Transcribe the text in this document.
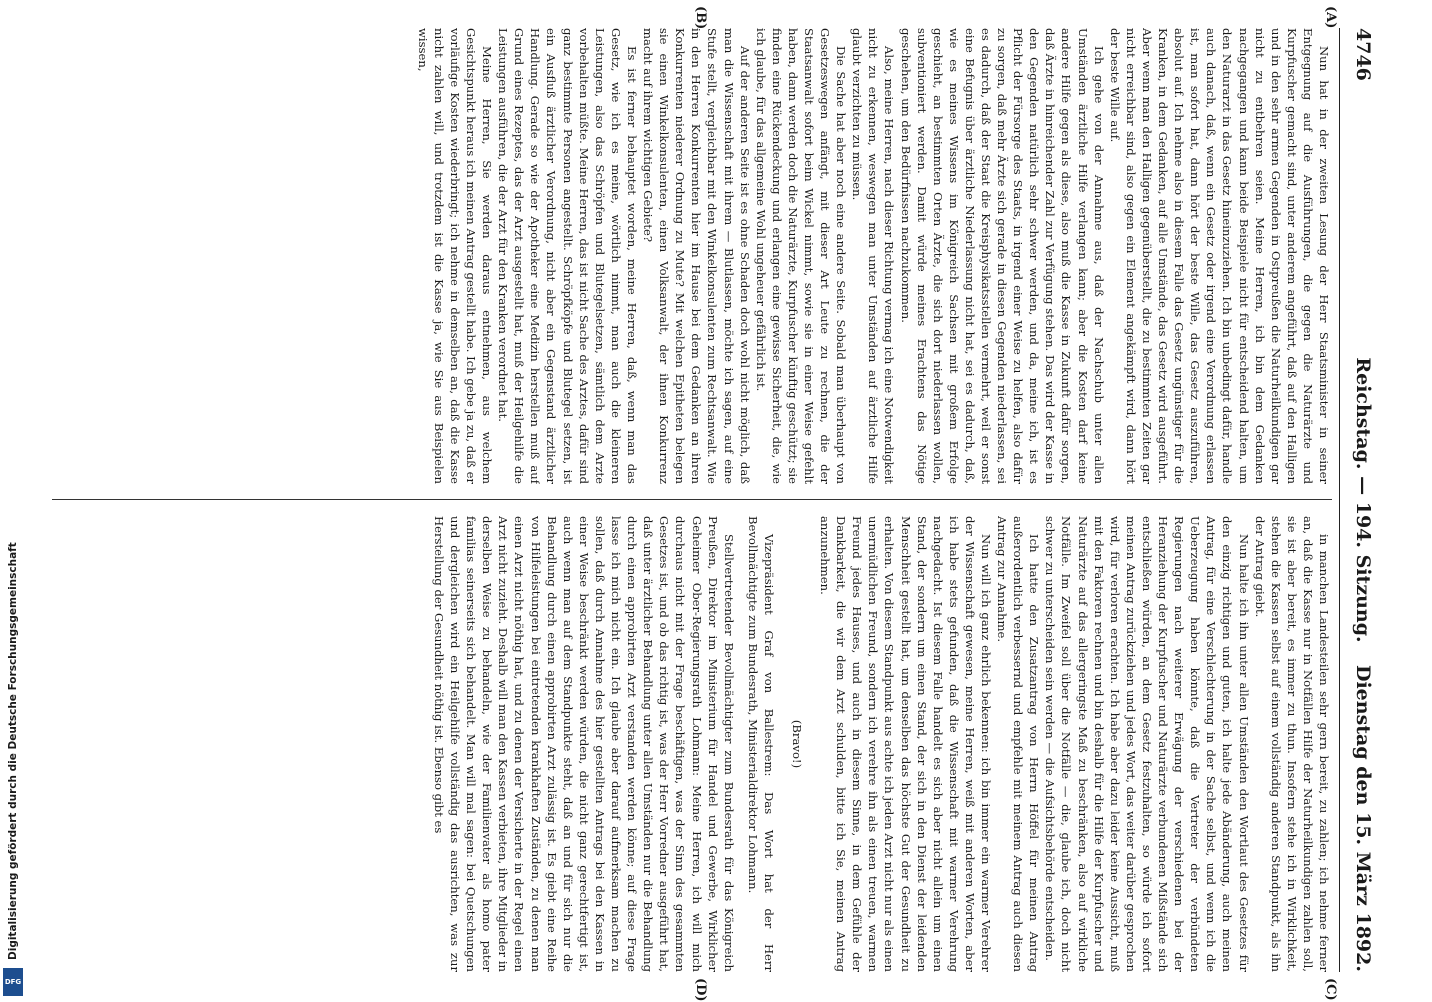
Digitalisierung gefördert durch die Deutsche Forschungsgemeinschaft
DFG
4746
Reichstag. — 194. Sitzung.
Dienstag den 15. März 1892.
(A)
(B)
(C)
(D)

Nun hat in der zweiten Lesung der Herr Staatsminister in seiner Entgegnung auf die Ausführungen, die gegen die Naturärzte und Kurpfuscher gemacht sind, unter anderem angeführt, daß auf den Halligen und in den sehr armen Gegenden in Ostpreußen die Naturheilkundigen gar nicht zu entbehren seien. Meine Herren, ich bin dem Gedanken nachgegangen und kann beide Beispiele nicht für entscheidend halten, um den Naturarzt in das Gesetz hineinzuziehen. Ich bin unbedingt dafür, handle auch danach, daß, wenn ein Gesetz oder irgend eine Verordnung erlassen ist, man sofort hat, dann hört der beste Wille, das Gesetz auszuführen, absolut auf. Ich nehme also in diesem Falle das Gesetz ungünstiger für die Kranken, in dem Gedanken, auf alle Umstände, das Gesetz wird ausgeführt. Aber wenn man den Halligen gegenüberstellt, die zu bestimmten Zeiten gar nicht erreichbar sind, also gegen ein Element angekämpft wird, dann hört der beste Wille auf.

Ich gehe von der Annahme aus, daß der Nachschub unter allen Umständen ärztliche Hilfe verlangen kann; aber die Kosten darf keine andere Hilfe gegen als diese, also muß die Kasse in Zukunft dafür sorgen, daß Ärzte in hinreichender Zahl zur Verfügung stehen. Das wird der Kasse in den Gegenden natürlich sehr schwer werden, und da, meine ich, ist es Pflicht der Fürsorge des Staats, in irgend einer Weise zu helfen, also dafür zu sorgen, daß mehr Ärzte sich gerade in diesen Gegenden niederlassen, sei es dadurch, daß der Staat die Kreisphysikatsstellen vermehrt, weil er sonst eine Befugnis über ärztliche Niederlassung nicht hat, sei es dadurch, daß, wie es meines Wissens im Königreich Sachsen mit großem Erfolge geschieht, an bestimmten Orten Ärzte, die sich dort niederlassen wollen, subventioniert werden. Damit würde meines Erachtens das Nötige geschehen, um den Bedürfnissen nachzukommen.

Also, meine Herren, nach dieser Richtung vermag ich eine Notwendigkeit nicht zu erkennen, weswegen man unter Umständen auf ärztliche Hilfe glaubt verzichten zu müssen.

Die Sache hat aber noch eine andere Seite. Sobald man überhaupt von Gesetzeswegen anfängt, mit dieser Art Leute zu rechnen, die der Staatsanwalt sofort beim Wickel nimmt, sowie sie in einer Weise gefehlt haben, dann werden doch die Naturärzte, Kurpfuscher künftig geschützt; sie finden eine Rückendeckung und erlangen eine gewisse Sicherheit, die, wie ich glaube, für das allgemeine Wohl ungeheuer gefährlich ist.

Auf der anderen Seite ist es ohne Schaden doch wohl nicht möglich, daß man die Wissenschaft mit ihrem — Blutlassen, möchte ich sagen, auf eine Stufe stellt, vergleichbar mit den Winkelkonsulenten zum Rechtsanwalt. Wie in den Herren Konkurrenten hier im Hause bei dem Gedanken an ihren Konkurrenten niederer Ordnung zu Mute? Mit welchen Epitheten belegen sie einen Winkelkonsulenten, einen Volksanwalt, der ihnen Konkurrenz macht auf ihrem wichtigen Gebiete?

Es ist ferner behauptet worden, meine Herren, daß, wenn man das Gesetz, wie ich es meine, wörtlich nimmt, man auch die kleineren Leistungen, also das Schröpfen und Blutegelsetzen, sämtlich dem Arzte vorbehalten müßte. Meine Herren, das ist nicht Sache des Arztes, dafür sind ganz bestimmte Personen angestellt. Schröpfköpfe und Blutegel setzen, ist ein Ausfluß ärztlicher Verordnung, nicht aber ein Gegenstand ärztlicher Handlung. Gerade so wie der Apotheker eine Medizin herstellen muß auf Grund eines Rezeptes, das der Arzt ausgestellt hat, muß der Heilgehilfe die Leistungen ausführen, die der Arzt für den Kranken verordnet hat.

Meine Herren, Sie werden daraus entnehmen, aus welchem Gesichtspunkt heraus ich meinen Antrag gestellt habe. Ich gebe ja zu, daß er vorläufige Kosten wiederbringt; ich nehme in demselben an, daß die Kasse nicht zahlen will, und trotzdem ist die Kasse ja, wie Sie aus Beispielen wissen,

in manchen Landesteilen sehr gern bereit, zu zahlen; ich nehme ferner an, daß die Kasse nur in Notfällen Hilfe der Naturheilkundigen zahlen soll, sie ist aber bereit, es immer zu thun. Insofern stehe ich in Wirklichkeit, stehen die Kassen selbst auf einem vollständig anderen Standpunkt, als ihn der Antrag giebt.

Nun halte ich ihn unter allen Umständen den Wortlaut des Gesetzes für den einzig richtigen und guten, ich halte jede Abänderung, auch meinen Antrag, für eine Verschlechterung in der Sache selbst, und wenn ich die Ueberzeugung haben könnte, daß die Vertreter der verbündeten Regierungen nach weiterer Erwägung der verschiedenen bei der Heranziehung der Kurpfuscher und Naturärzte verbundenen Mißstände sich entschließen würden, an dem Gesetz festzuhalten, so würde ich sofort meinen Antrag zurückziehen und jedes Wort, das weiter darüber gesprochen wird, für verloren erachten. Ich habe aber dazu leider keine Aussicht, muß mit den Faktoren rechnen und bin deshalb für die Hilfe der Kurpfuscher und Naturärzte auf das allergeringste Maß zu beschränken, also auf wirkliche Notfälle. Im Zweifel soll über die Notfälle — die, glaube ich, doch nicht schwer zu unterscheiden sein werden — die Aufsichtsbehörde entscheiden.

Ich hatte den Zusatzantrag von Herrn Höffel für meinen Antrag außerordentlich verbessernd und empfehle mit meinem Antrag auch diesen Antrag zur Annahme.

Nun will ich ganz ehrlich bekennen: ich bin immer ein warmer Verehrer der Wissenschaft gewesen, meine Herren, weiß mit anderen Worten, aber ich habe stets gefunden, daß die Wissenschaft mit warmer Verehrung nachgedacht. Ist diesem Falle handelt es sich aber nicht allein um einen Stand, der sondern um einen Stand, der sich in den Dienst der leidenden Menschheit gestellt hat, um denselben das höchste Gut der Gesundheit zu erhalten. Von diesem Standpunkt aus achte ich jeden Arzt nicht nur als einen unermüdlichen Freund, sondern ich verehre ihn als einen treuen, warmen Freund jedes Hauses, und auch in diesem Sinne, in dem Gefühle der Dankbarkeit, die wir dem Arzt schulden, bitte ich Sie, meinen Antrag anzunehmen.

(Bravo!)

Vizepräsident Graf von Ballestrem: Das Wort hat der Herr Bevollmächtigte zum Bundesrath, Ministerialdirektor Lohmann.

Stellvertretender Bevollmächtigter zum Bundesrath für das Königreich Preußen, Direktor im Ministerium für Handel und Gewerbe, Wirklicher Geheimer Ober-Regierungsrath Lohmann: Meine Herren, ich will mich durchaus nicht mit der Frage beschäftigen, was der Sinn des gesammten Gesetzes ist, und ob das richtig ist, was der Herr Vorredner ausgeführt hat, daß unter ärztlicher Behandlung unter allen Umständen nur die Behandlung durch einen approbirten Arzt verstanden werden könne; auf diese Frage lasse ich mich nicht ein. Ich glaube aber darauf aufmerksam machen zu sollen, daß durch Annahme des hier gestellten Antrags bei den Kassen in einer Weise beschränkt werden würden, die nicht ganz gerechtfertigt ist, auch wenn man auf dem Standpunkte steht, daß an und für sich nur die Behandlung durch einen approbirten Arzt zulässig ist. Es giebt eine Reihe von Hilfeleistungen bei eintretenden krankhaften Zuständen, zu denen man einen Arzt nicht nöthig hat, und zu denen der Versicherte in der Regel einen Arzt nicht zuzieht. Deshalb will man den Kassen verbieten, ihre Mitglieder in derselben Weise zu behandeln, wie der Familienvater als homo pater familias seinerseits sich behandelt. Man will mal sagen: bei Quetschungen und dergleichen wird ein Heilgehilfe vollständig das ausrichten, was zur Herstellung der Gesundheit nöthig ist. Ebenso gibt es
